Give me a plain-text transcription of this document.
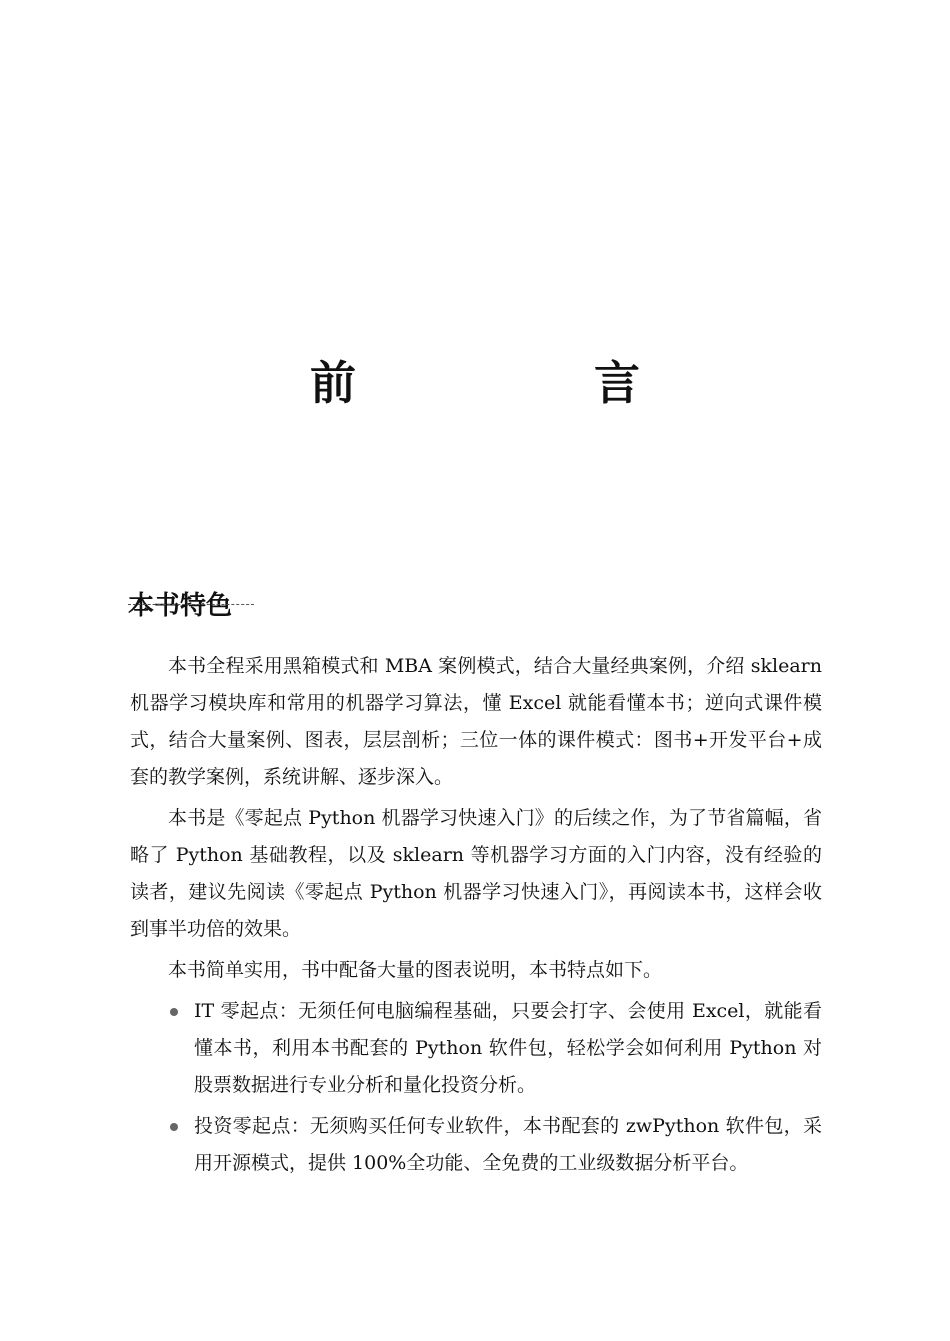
前　言
本书特色

本书全程采用黑箱模式和 MBA 案例模式，结合大量经典案例，介绍 sklearn 机器学习模块库和常用的机器学习算法，懂 Excel 就能看懂本书；逆向式课件模式，结合大量案例、图表，层层剖析；三位一体的课件模式：图书+开发平台+成套的教学案例，系统讲解、逐步深入。

本书是《零起点 Python 机器学习快速入门》的后续之作，为了节省篇幅，省略了 Python 基础教程，以及 sklearn 等机器学习方面的入门内容，没有经验的读者，建议先阅读《零起点 Python 机器学习快速入门》，再阅读本书，这样会收到事半功倍的效果。

本书简单实用，书中配备大量的图表说明，本书特点如下。

IT 零起点：无须任何电脑编程基础，只要会打字、会使用 Excel，就能看懂本书，利用本书配套的 Python 软件包，轻松学会如何利用 Python 对股票数据进行专业分析和量化投资分析。
投资零起点：无须购买任何专业软件，本书配套的 zwPython 软件包，采用开源模式，提供 100%全功能、全免费的工业级数据分析平台。
